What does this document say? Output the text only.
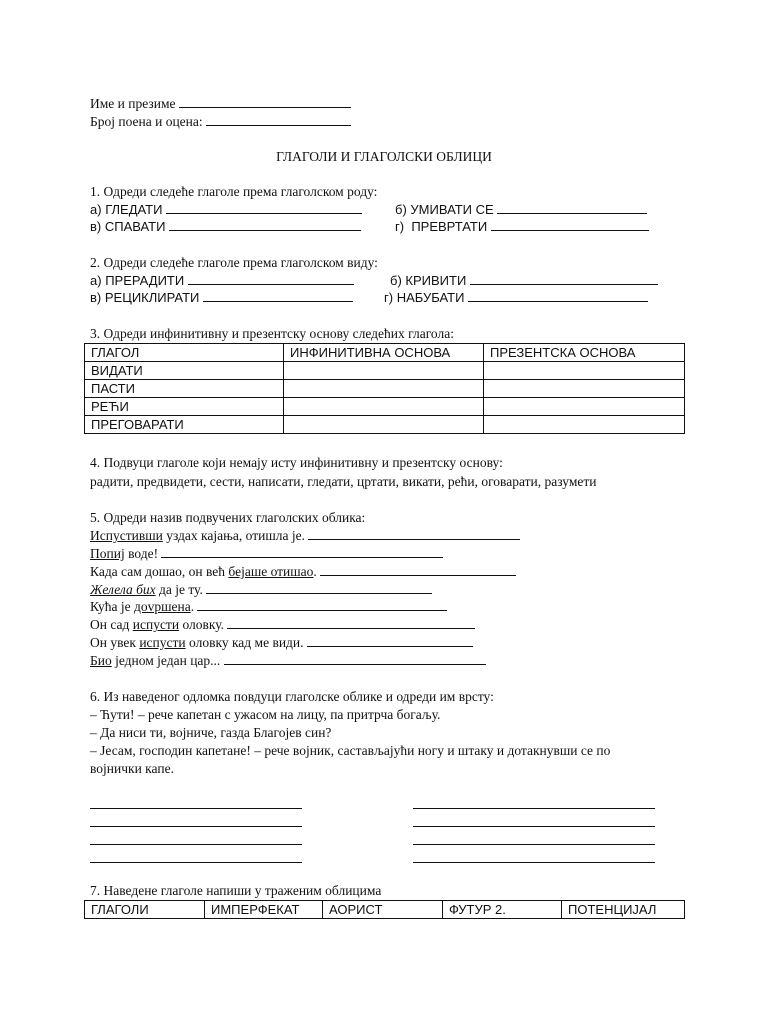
Име и презиме
Број поена и оцена:
ГЛАГОЛИ И ГЛАГОЛСКИ ОБЛИЦИ
1. Одреди следеће глаголе према глаголском роду:
а) ГЛЕДАТИ	б) УМИВАТИ СЕ
в) СПАВАТИ	г) ПРЕВРТАТИ
2. Одреди следеће глаголе према глаголском виду:
а) ПРЕРАДИТИ	б) КРИВИТИ
в) РЕЦИКЛИРАТИ	г) НАБУБАТИ
3. Одреди инфинитивну и презентску основу следећих глагола:
ГЛАГОЛ	ИНФИНИТИВНА ОСНОВА	ПРЕЗЕНТСКА ОСНОВА
ВИДАТИ		
ПАСТИ		
РЕЋИ		
ПРЕГОВАРАТИ		
4. Подвуци глаголе који немају исту инфинитивну и презентску основу:
радити, предвидети, сести, написати, гледати, цртати, викати, рећи, оговарати, разумети
5. Одреди назив подвучених глаголских облика:
Испустивши уздах кајања, отишла је.
Попиј воде!
Када сам дошао, он већ бејаше отишао.
Желела бих да је ту.
Кућа је дovршена.
Он сад испусти оловку.
Он увек испусти оловку кад ме види.
Био једном један цар...
6. Из наведеног одломка повдуци глаголске облике и одреди им врсту:
– Ћути! – рече капетан с ужасом на лицу, па притрча богаљу.
– Да ниси ти, војниче, газда Благојев син?
– Јесам, господин капетане! – рече војник, састављајући ногу и штаку и дотакнувши се по
војнички капе.
7. Наведене глаголе напиши у траженим облицима
ГЛАГОЛИ	ИМПЕРФЕКАТ	АОРИСТ	ФУТУР 2.	ПОТЕНЦИЈАЛ
